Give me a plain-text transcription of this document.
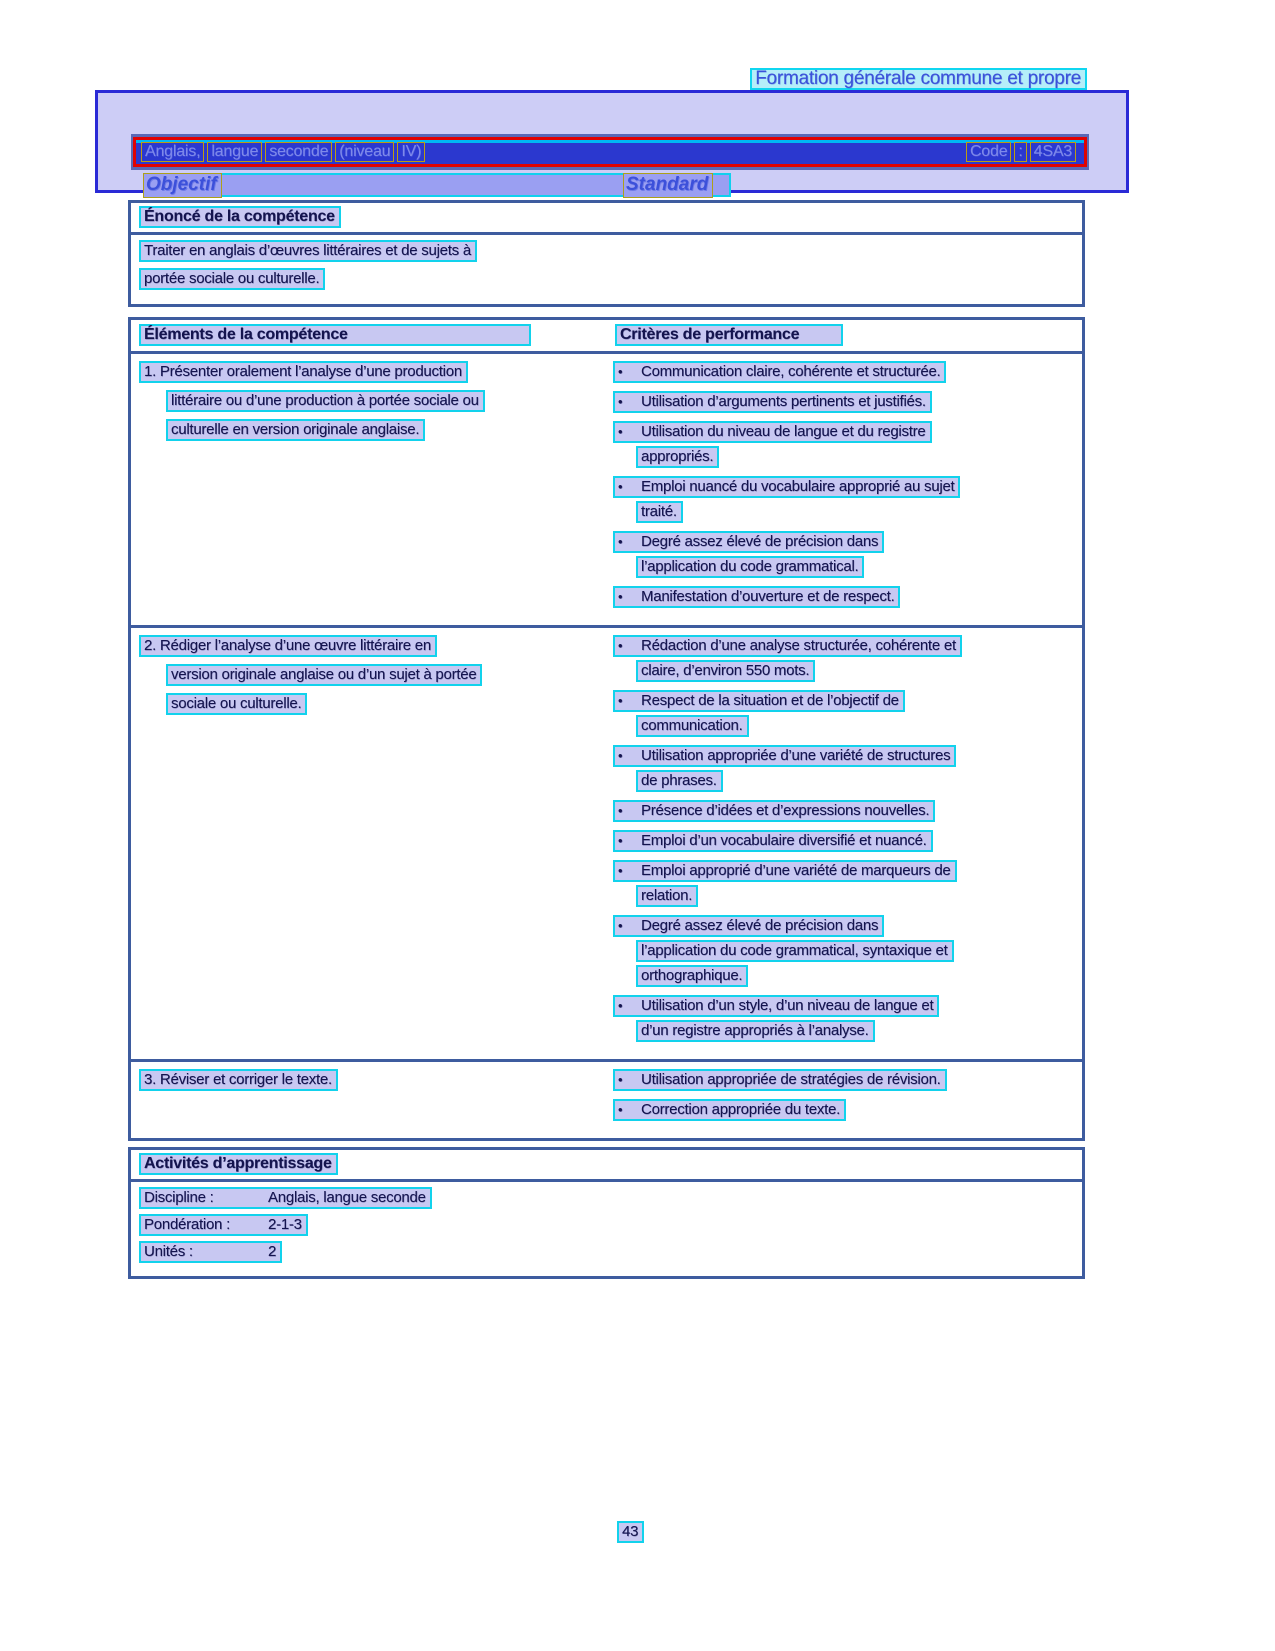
Formation générale commune et propre
Anglais, langue seconde (niveau IV)	Code : 4SA3
Objectif	Standard
Énoncé de la compétence
Traiter en anglais d’œuvres littéraires et de sujets à
portée sociale ou culturelle.
Éléments de la compétence	Critères de performance
1. Présenter oralement l’analyse d’une production
littéraire ou d’une production à portée sociale ou
culturelle en version originale anglaise.
• Communication claire, cohérente et structurée.
• Utilisation d’arguments pertinents et justifiés.
• Utilisation du niveau de langue et du registre
appropriés.
• Emploi nuancé du vocabulaire approprié au sujet
traité.
• Degré assez élevé de précision dans
l’application du code grammatical.
• Manifestation d’ouverture et de respect.
2. Rédiger l’analyse d’une œuvre littéraire en
version originale anglaise ou d’un sujet à portée
sociale ou culturelle.
• Rédaction d’une analyse structurée, cohérente et
claire, d’environ 550 mots.
• Respect de la situation et de l’objectif de
communication.
• Utilisation appropriée d’une variété de structures
de phrases.
• Présence d’idées et d’expressions nouvelles.
• Emploi d’un vocabulaire diversifié et nuancé.
• Emploi approprié d’une variété de marqueurs de
relation.
• Degré assez élevé de précision dans
l’application du code grammatical, syntaxique et
orthographique.
• Utilisation d’un style, d’un niveau de langue et
d’un registre appropriés à l’analyse.
3. Réviser et corriger le texte.	• Utilisation appropriée de stratégies de révision.
• Correction appropriée du texte.
Activités d’apprentissage
Discipline :	Anglais, langue seconde
Pondération :	2-1-3
Unités :	2
43
